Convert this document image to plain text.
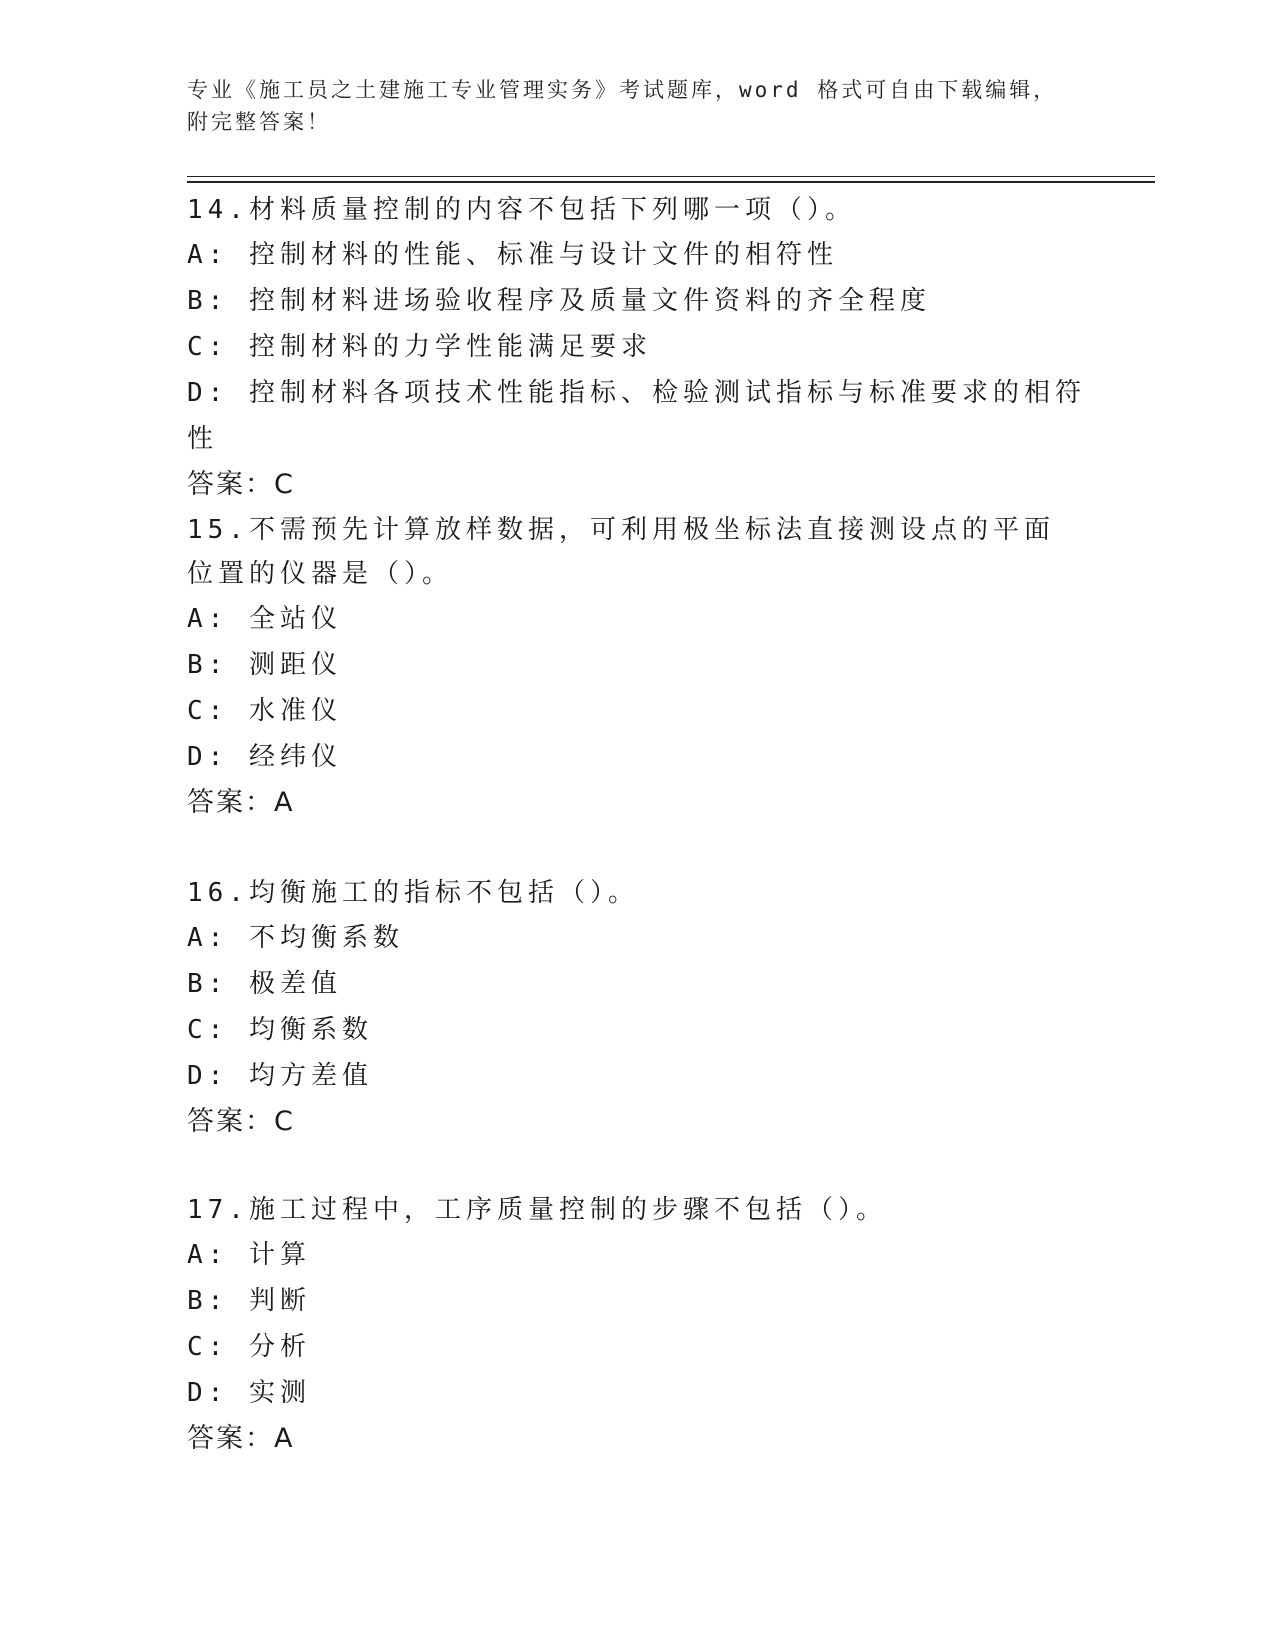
专业《施工员之土建施工专业管理实务》考试题库，word 格式可自由下载编辑，
附完整答案！

14.材料质量控制的内容不包括下列哪一项（）。

A: 控制材料的性能、标准与设计文件的相符性

B: 控制材料进场验收程序及质量文件资料的齐全程度

C: 控制材料的力学性能满足要求

D: 控制材料各项技术性能指标、检验测试指标与标准要求的相符性

答案：C

15.不需预先计算放样数据，可利用极坐标法直接测设点的平面位置的仪器是（）。

A: 全站仪

B: 测距仪

C: 水准仪

D: 经纬仪

答案：A

16.均衡施工的指标不包括（）。

A: 不均衡系数

B: 极差值

C: 均衡系数

D: 均方差值

答案：C

17.施工过程中，工序质量控制的步骤不包括（）。

A: 计算

B: 判断

C: 分析

D: 实测

答案：A
